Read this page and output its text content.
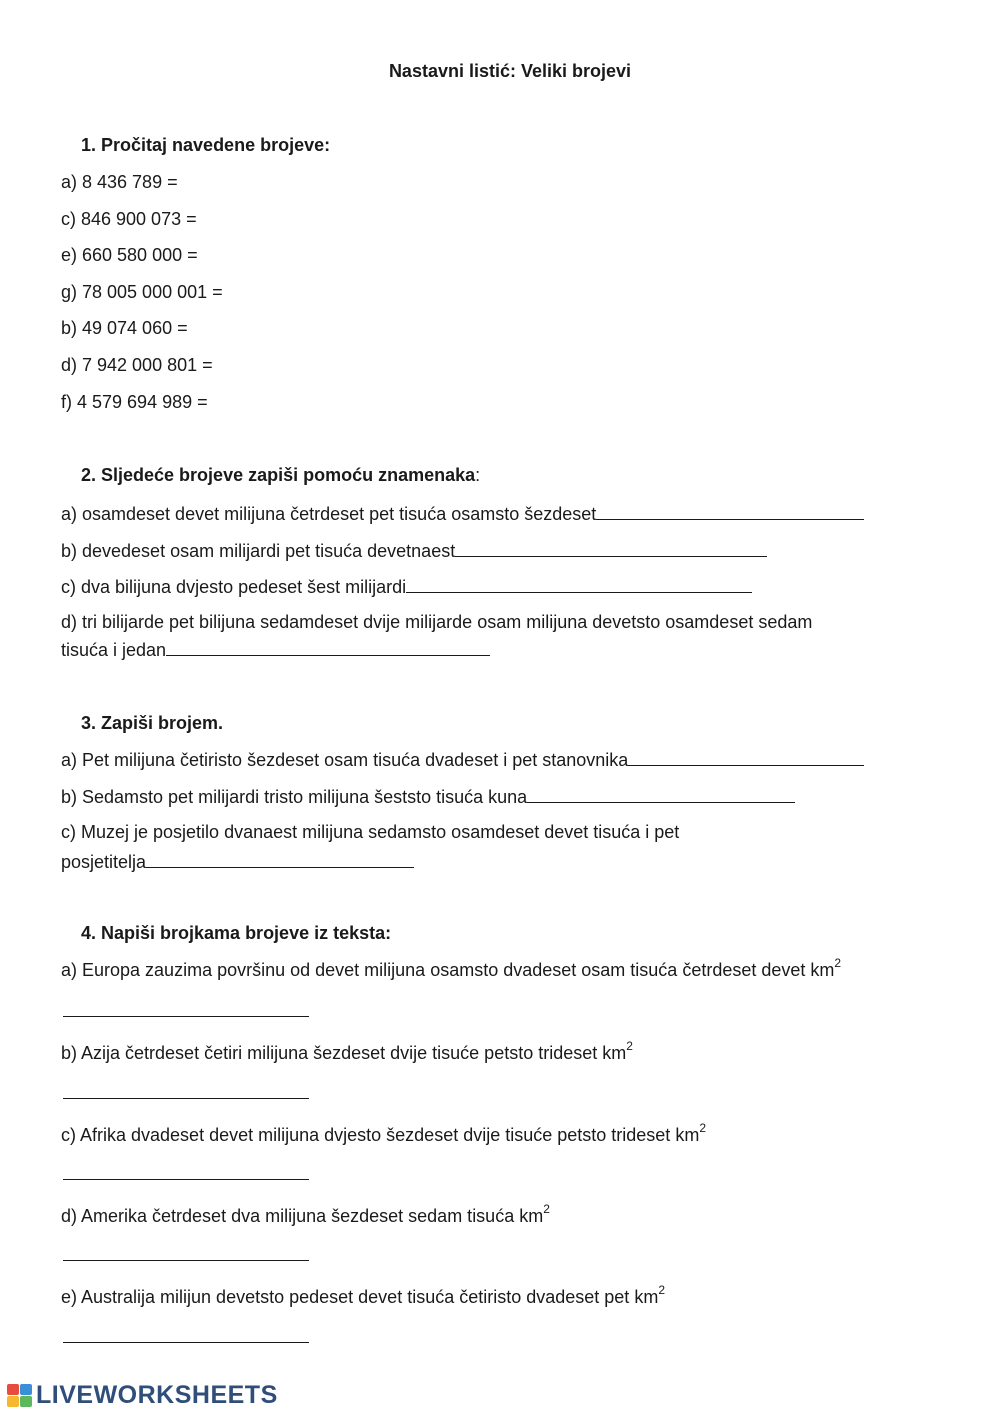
Nastavni listić: Veliki brojevi
1. Pročitaj navedene brojeve:
a) 8 436 789 =
c) 846 900 073 =
e) 660 580 000 =
g) 78 005 000 001 =
b) 49 074 060 =
d) 7 942 000 801 =
f) 4 579 694 989 =
2. Sljedeće brojeve zapiši pomoću znamenaka:
a) osamdeset devet milijuna četrdeset pet tisuća osamsto šezdeset
b) devedeset osam milijardi pet tisuća devetnaest
c) dva bilijuna dvjesto pedeset šest milijardi
d) tri bilijarde pet bilijuna sedamdeset dvije milijarde osam milijuna devetsto osamdeset sedam
tisuća i jedan
3. Zapiši brojem.
a) Pet milijuna četiristo šezdeset osam tisuća dvadeset i pet stanovnika
b) Sedamsto pet milijardi tristo milijuna šeststo tisuća kuna
c) Muzej je posjetilo dvanaest milijuna sedamsto osamdeset devet tisuća i pet
posjetitelja
4. Napiši brojkama brojeve iz teksta:
a) Europa zauzima površinu od devet milijuna osamsto dvadeset osam tisuća četrdeset devet $km^2$
b) Azija četrdeset četiri milijuna šezdeset dvije tisuće petsto trideset $km^2$
c) Afrika dvadeset devet milijuna dvjesto šezdeset dvije tisuće petsto trideset $km^2$
d) Amerika četrdeset dva milijuna šezdeset sedam tisuća $km^2$
e) Australija milijun devetsto pedeset devet tisuća četiristo dvadeset pet $km^2$
LIVEWORKSHEETS
